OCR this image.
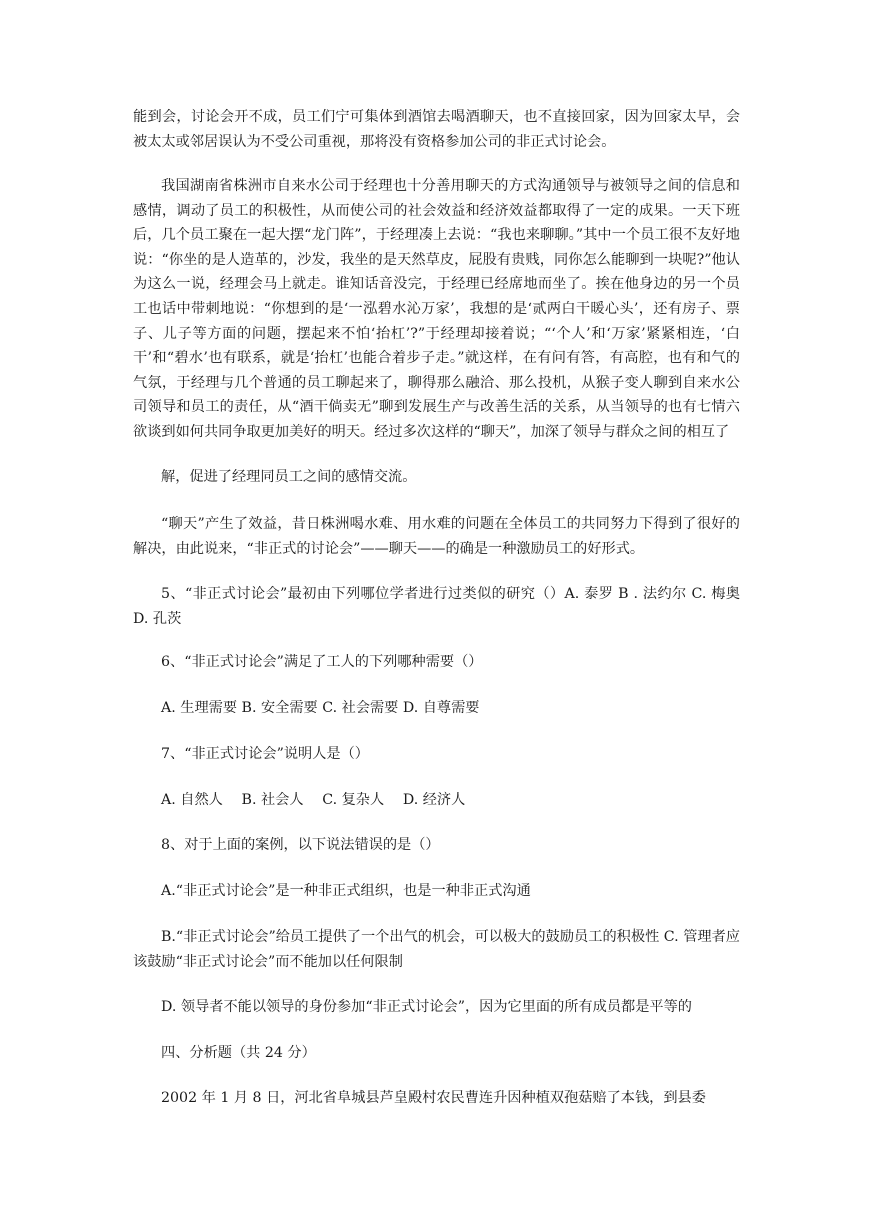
能到会，讨论会开不成，员工们宁可集体到酒馆去喝酒聊天，也不直接回家，因为回家太早，会被太太或邻居误认为不受公司重视，那将没有资格参加公司的非正式讨论会。

我国湖南省株洲市自来水公司于经理也十分善用聊天的方式沟通领导与被领导之间的信息和感情，调动了员工的积极性，从而使公司的社会效益和经济效益都取得了一定的成果。一天下班后，几个员工聚在一起大摆“龙门阵”，于经理凑上去说：“我也来聊聊。”其中一个员工很不友好地说：“你坐的是人造革的，沙发，我坐的是天然草皮，屁股有贵贱，同你怎么能聊到一块呢?”他认为这么一说，经理会马上就走。谁知话音没完，于经理已经席地而坐了。挨在他身边的另一个员工也话中带刺地说：“你想到的是‘一泓碧水沁万家’，我想的是‘贰两白干暖心头’，还有房子、票子、儿子等方面的问题，摆起来不怕‘抬杠’?”于经理却接着说；“‘个人’和‘万家’紧紧相连，‘白干’和“碧水’也有联系，就是‘抬杠’也能合着步子走。”就这样，在有问有答，有高腔，也有和气的气氛，于经理与几个普通的员工聊起来了，聊得那么融洽、那么投机，从猴子变人聊到自来水公司领导和员工的责任，从“酒干倘卖无”聊到发展生产与改善生活的关系，从当领导的也有七情六欲谈到如何共同争取更加美好的明天。经过多次这样的“聊天”，加深了领导与群众之间的相互了

解，促进了经理同员工之间的感情交流。

“聊天”产生了效益，昔日株洲喝水难、用水难的问题在全体员工的共同努力下得到了很好的解决，由此说来，“非正式的讨论会”——聊天——的确是一种激励员工的好形式。

5、“非正式讨论会”最初由下列哪位学者进行过类似的研究（）A. 泰罗 B . 法约尔 C. 梅奥 D. 孔茨

6、“非正式讨论会”满足了工人的下列哪种需要（）

A. 生理需要 B. 安全需要 C. 社会需要 D. 自尊需要

7、“非正式讨论会”说明人是（）

A. 自然人　 B. 社会人　 C. 复杂人　 D. 经济人

8、对于上面的案例，以下说法错误的是（）

A.“非正式讨论会”是一种非正式组织，也是一种非正式沟通

B.“非正式讨论会”给员工提供了一个出气的机会，可以极大的鼓励员工的积极性 C. 管理者应该鼓励“非正式讨论会”而不能加以任何限制

D. 领导者不能以领导的身份参加“非正式讨论会”，因为它里面的所有成员都是平等的

四、分析题（共 24 分）

2002 年 1 月 8 日，河北省阜城县芦皇殿村农民曹连升因种植双孢菇赔了本钱，到县委
